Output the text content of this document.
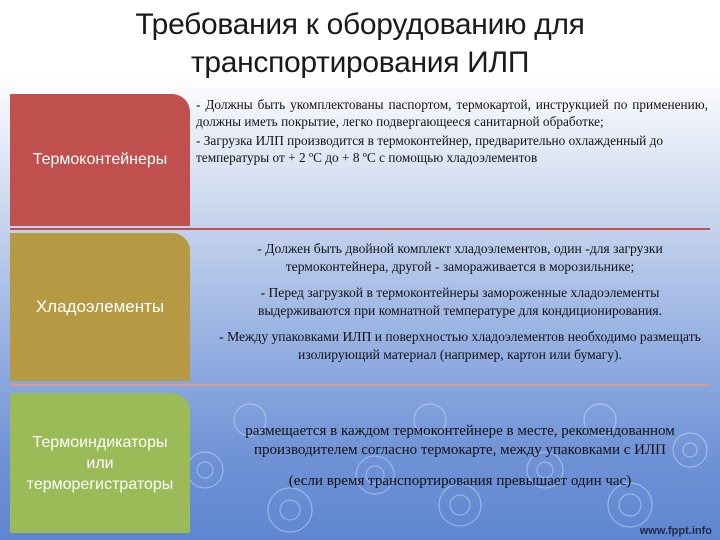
Требования к оборудованию для
транспортирования ИЛП
Термоконтейнеры

- Должны быть укомплектованы паспортом, термокартой, инструкцией по применению, должны иметь покрытие, легко подвергающееся санитарной обработке;

- Загрузка ИЛП производится в термоконтейнер, предварительно охлажденный до температуры от + 2 ºС до + 8 ºС с помощью хладоэлементов

Хладоэлементы

- Должен быть двойной комплект хладоэлементов, один -для загрузки термоконтейнера, другой - замораживается в морозильнике;

- Перед загрузкой в термоконтейнеры замороженные хладоэлементы выдерживаются при комнатной температуре для кондиционирования.

- Между упаковками ИЛП и поверхностью хладоэлементов необходимо размещать изолирующий материал (например, картон или бумагу).

Термоиндикаторы
или
терморегистраторы

размещается в каждом термоконтейнере в месте, рекомендованном производителем согласно термокарте, между упаковками с ИЛП

(если время транспортирования превышает один час)

www.fppt.info
